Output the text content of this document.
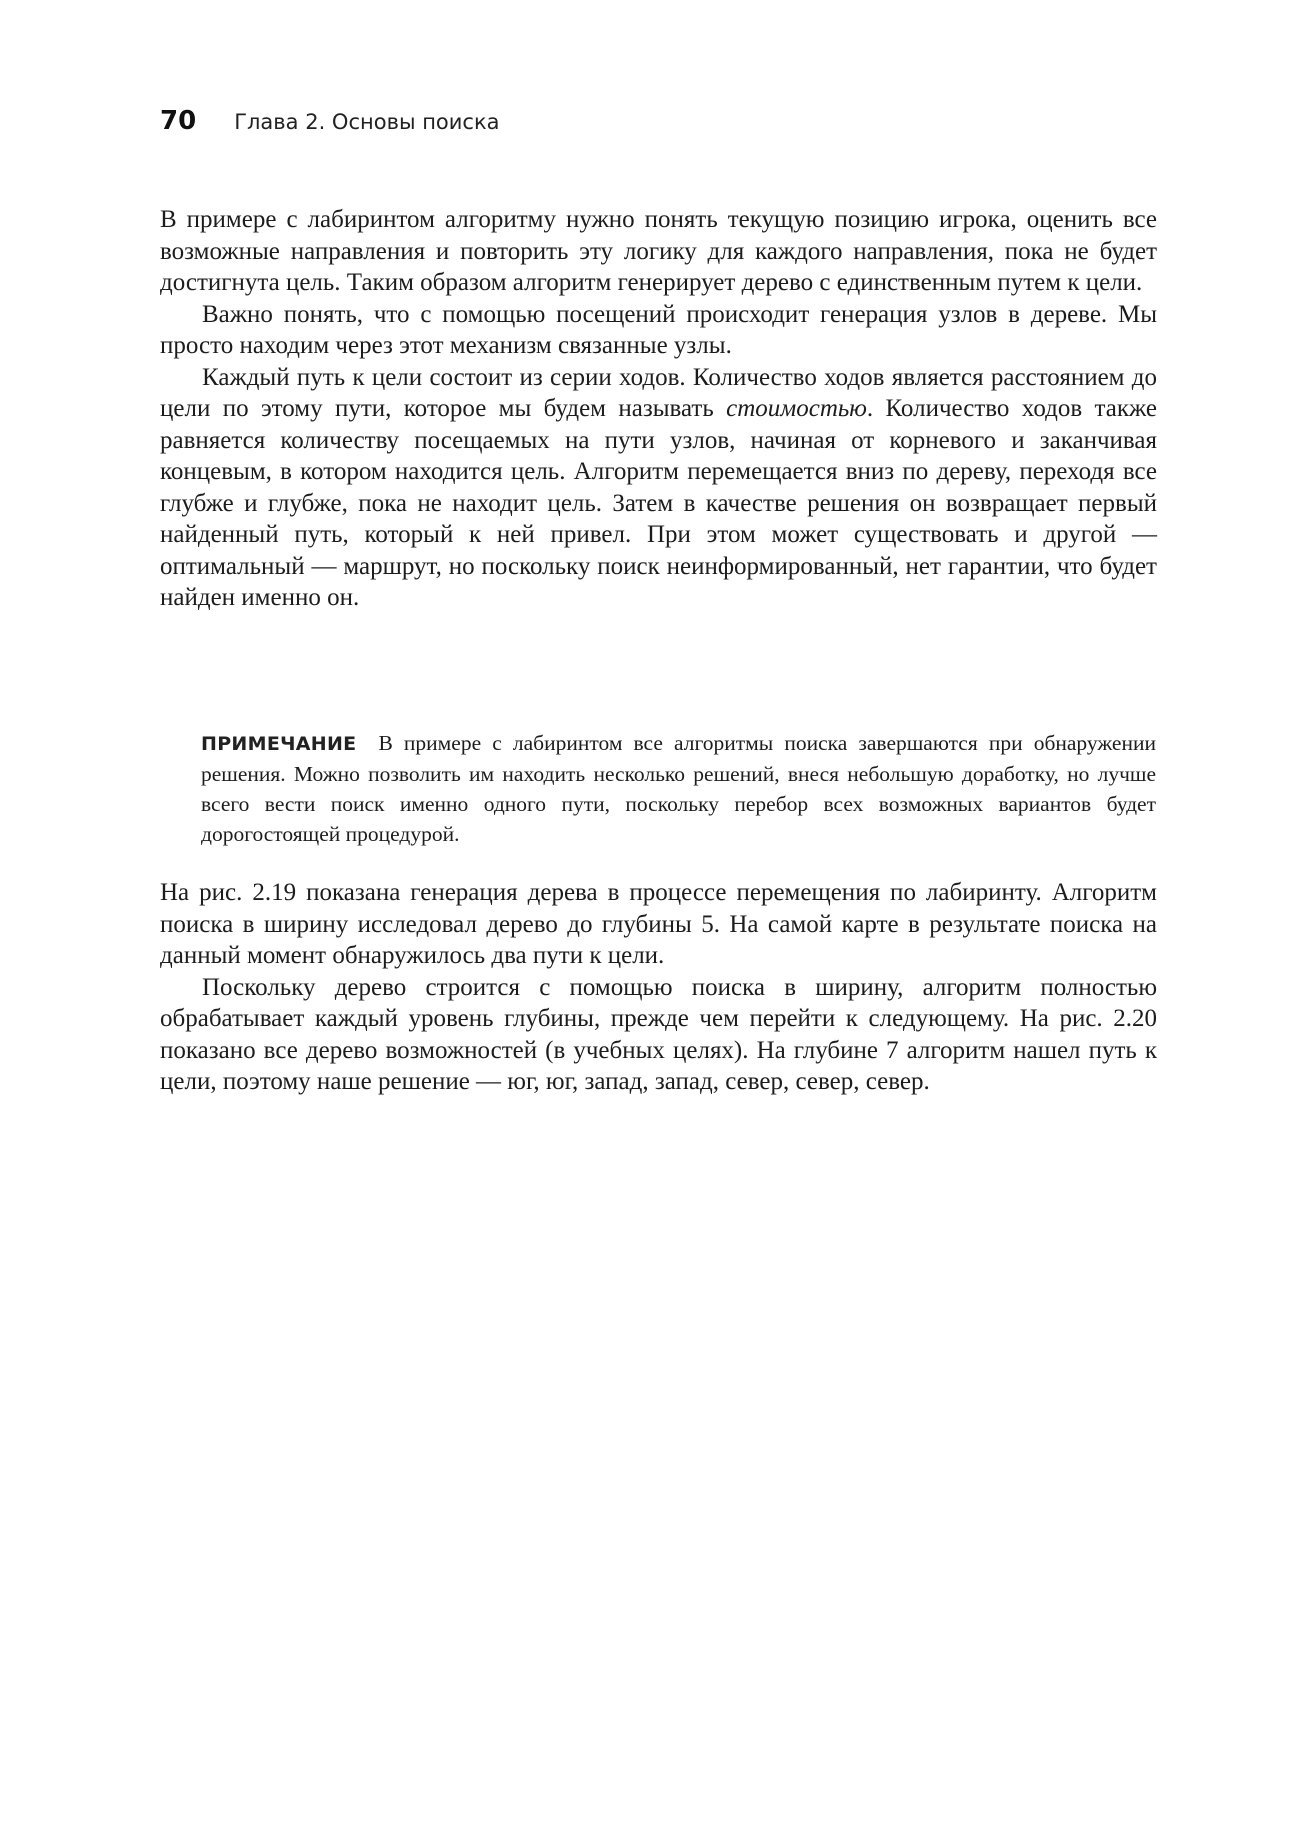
70 Глава 2. Основы поиска

В примере с лабиринтом алгоритму нужно понять текущую позицию игрока, оценить все возможные направления и повторить эту логику для каждого направления, пока не будет достигнута цель. Таким образом алгоритм генерирует дерево с единственным путем к цели.

Важно понять, что с помощью посещений происходит генерация узлов в дереве. Мы просто находим через этот механизм связанные узлы.

Каждый путь к цели состоит из серии ходов. Количество ходов является расстоянием до цели по этому пути, которое мы будем называть стоимостью. Количество ходов также равняется количеству посещаемых на пути узлов, начиная от корневого и заканчивая концевым, в котором находится цель. Алгоритм перемещается вниз по дереву, переходя все глубже и глубже, пока не находит цель. Затем в качестве решения он возвращает первый найденный путь, который к ней привел. При этом может существовать и другой — оптимальный — маршрут, но поскольку поиск неинформированный, нет гарантии, что будет найден именно он.

ПРИМЕЧАНИЕ В примере с лабиринтом все алгоритмы поиска завершаются при обнаружении решения. Можно позволить им находить несколько решений, внеся небольшую доработку, но лучше всего вести поиск именно одного пути, поскольку перебор всех возможных вариантов будет дорогостоящей процедурой.

На рис. 2.19 показана генерация дерева в процессе перемещения по лабиринту. Алгоритм поиска в ширину исследовал дерево до глубины 5. На самой карте в результате поиска на данный момент обнаружилось два пути к цели.

Поскольку дерево строится с помощью поиска в ширину, алгоритм полностью обрабатывает каждый уровень глубины, прежде чем перейти к следующему. На рис. 2.20 показано все дерево возможностей (в учебных целях). На глубине 7 алгоритм нашел путь к цели, поэтому наше решение — юг, юг, запад, запад, север, север, север.
